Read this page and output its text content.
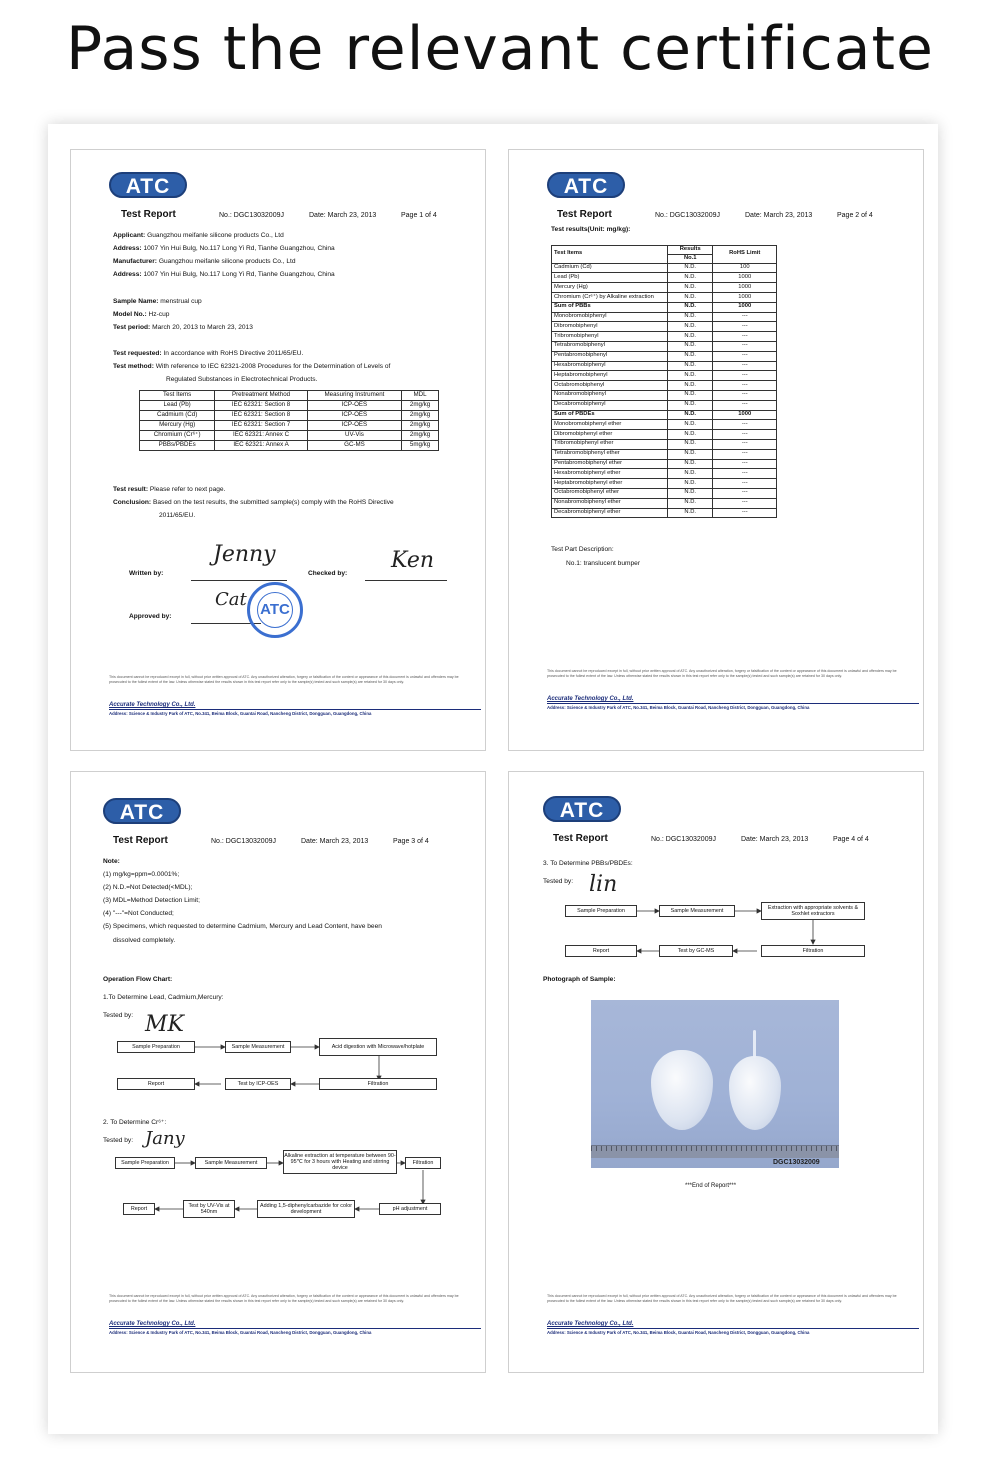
Pass the relevant certificate
ATC
Test Report	No.: DGC13032009J	Date: March 23, 2013	Page 1 of 4
Applicant: Guangzhou meifanle silicone products Co., Ltd
Address: 1007 Yin Hui Bulg, No.117 Long Yi Rd, Tianhe Guangzhou, China
Manufacturer: Guangzhou meifanle silicone products Co., Ltd
Address: 1007 Yin Hui Bulg, No.117 Long Yi Rd, Tianhe Guangzhou, China
Sample Name: menstrual cup
Model No.: Hz-cup
Test period: March 20, 2013 to March 23, 2013
Test requested: In accordance with RoHS Directive 2011/65/EU.
Test method: With reference to IEC 62321-2008 Procedures for the Determination of Levels of
Regulated Substances in Electrotechnical Products.
Test Items	Pretreatment Method	Measuring Instrument	MDL
Lead (Pb)	IEC 62321: Section 8	ICP-OES	2mg/kg
Cadmium (Cd)	IEC 62321: Section 8	ICP-OES	2mg/kg
Mercury (Hg)	IEC 62321: Section 7	ICP-OES	2mg/kg
Chromium (Cr⁶⁺)	IEC 62321: Annex C	UV-Vis	2mg/kg
PBBs/PBDEs	IEC 62321: Annex A	GC-MS	5mg/kg
Test result: Please refer to next page.
Conclusion: Based on the test results, the submitted sample(s) comply with the RoHS Directive
2011/65/EU.
Written by:
Jenny
Checked by:
Ken
Approved by:
Cat ATC
This document cannot be reproduced except in full, without prior written approval of ATC. Any unauthorized alteration, forgery or falsification of the content or appearance of this document is unlawful and offenders may be prosecuted to the fullest extent of the law. Unless otherwise stated the results shown in this test report refer only to the sample(s) tested and such sample(s) are retained for 30 days only.
Accurate Technology Co., Ltd.
Address: Science & Industry Park of ATC, No.341, Beima Block, Guantai Road, Nancheng District, Dongguan, Guangdong, China
ATC
Test Report	No.: DGC13032009J	Date: March 23, 2013	Page 2 of 4
Test results(Unit: mg/kg):
Test Items	Results	RoHS Limit
	No.1	
Cadmium (Cd)	N.D.	100
Lead (Pb)	N.D.	1000
Mercury (Hg)	N.D.	1000
Chromium (Cr⁶⁺) by Alkaline extraction	N.D.	1000
Sum of PBBs	N.D.	1000
Monobromobiphenyl	N.D.	---
Dibromobiphenyl	N.D.	---
Tribromobiphenyl	N.D.	---
Tetrabromobiphenyl	N.D.	---
Pentabromobiphenyl	N.D.	---
Hexabromobiphenyl	N.D.	---
Heptabromobiphenyl	N.D.	---
Octabromobiphenyl	N.D.	---
Nonabromobiphenyl	N.D.	---
Decabromobiphenyl	N.D.	---
Sum of PBDEs	N.D.	1000
Monobromobiphenyl ether	N.D.	---
Dibromobiphenyl ether	N.D.	---
Tribromobiphenyl ether	N.D.	---
Tetrabromobiphenyl ether	N.D.	---
Pentabromobiphenyl ether	N.D.	---
Hexabromobiphenyl ether	N.D.	---
Heptabromobiphenyl ether	N.D.	---
Octabromobiphenyl ether	N.D.	---
Nonabromobiphenyl ether	N.D.	---
Decabromobiphenyl ether	N.D.	---
Test Part Description:
No.1: translucent bumper
This document cannot be reproduced except in full, without prior written approval of ATC. Any unauthorized alteration, forgery or falsification of the content or appearance of this document is unlawful and offenders may be prosecuted to the fullest extent of the law. Unless otherwise stated the results shown in this test report refer only to the sample(s) tested and such sample(s) are retained for 30 days only.
Accurate Technology Co., Ltd.
Address: Science & Industry Park of ATC, No.341, Beima Block, Guantai Road, Nancheng District, Dongguan, Guangdong, China
ATC
Test Report	No.: DGC13032009J	Date: March 23, 2013	Page 3 of 4
Note:
(1) mg/kg=ppm=0.0001%;
(2) N.D.=Not Detected(<MDL);
(3) MDL=Method Detection Limit;
(4) "---"=Not Conducted;
(5) Specimens, which requested to determine Cadmium, Mercury and Lead Content, have been
dissolved completely.
Operation Flow Chart:
1.To Determine Lead, Cadmium,Mercury:
Tested by: MK
Sample Preparation	Sample Measurement	Acid digestion with Microwave/hotplate
Filtration
Test by ICP-OES
Report
2. To Determine Cr⁶⁺:
Tested by: Jany
Sample Preparation	Sample Measurement
Alkaline extraction at temperature between 90-95℃ for 3 hours with Heating and stirring device
Filtration
pH adjustment
Adding 1,5-diphenylcarbazide for color development
Test by UV-Vis at 540nm
Report
This document cannot be reproduced except in full, without prior written approval of ATC. Any unauthorized alteration, forgery or falsification of the content or appearance of this document is unlawful and offenders may be prosecuted to the fullest extent of the law. Unless otherwise stated the results shown in this test report refer only to the sample(s) tested and such sample(s) are retained for 30 days only.
Accurate Technology Co., Ltd.
Address: Science & Industry Park of ATC, No.341, Beima Block, Guantai Road, Nancheng District, Dongguan, Guangdong, China
ATC
Test Report	No.: DGC13032009J	Date: March 23, 2013	Page 4 of 4
3. To Determine PBBs/PBDEs:
Tested by: lin
Sample Preparation	Sample Measurement
Extraction with appropriate solvents & Soxhlet extractors
Filtration
Test by GC-MS
Report
Photograph of Sample:
DGC13032009
***End of Report***
This document cannot be reproduced except in full, without prior written approval of ATC. Any unauthorized alteration, forgery or falsification of the content or appearance of this document is unlawful and offenders may be prosecuted to the fullest extent of the law. Unless otherwise stated the results shown in this test report refer only to the sample(s) tested and such sample(s) are retained for 30 days only.
Accurate Technology Co., Ltd.
Address: Science & Industry Park of ATC, No.341, Beima Block, Guantai Road, Nancheng District, Dongguan, Guangdong, China
